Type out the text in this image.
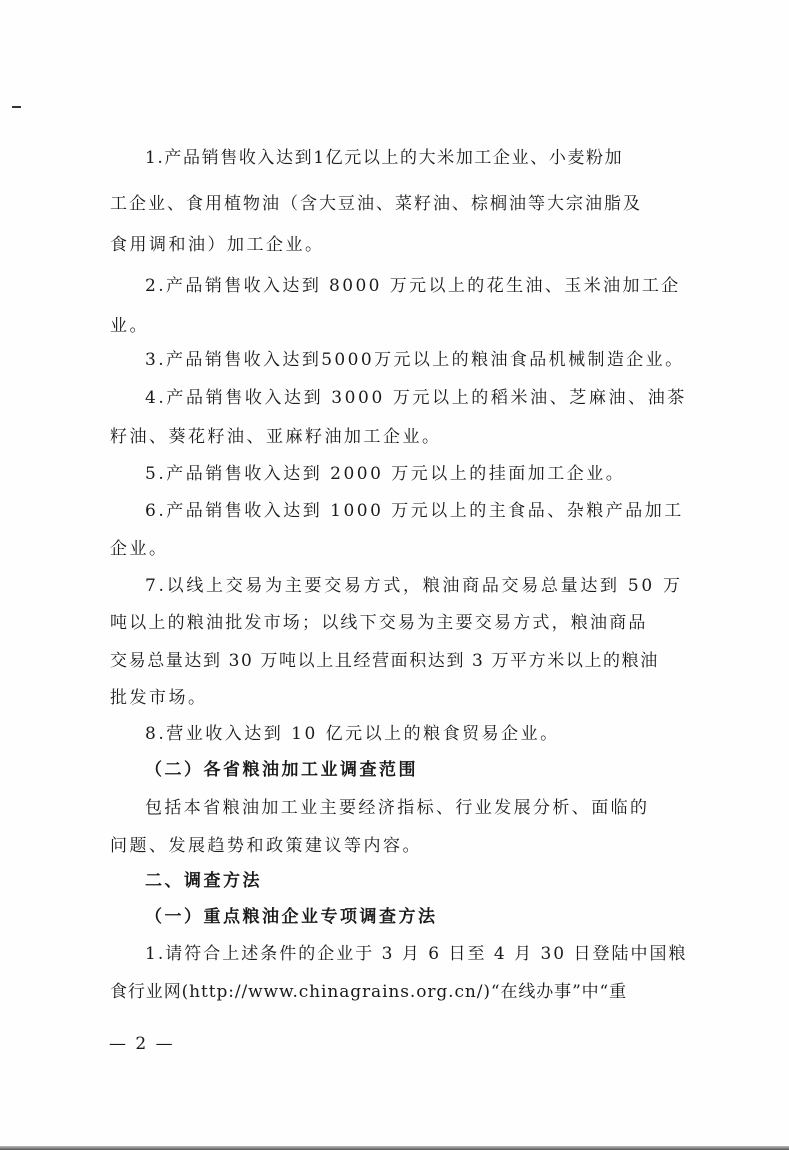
1.产品销售收入达到1亿元以上的大米加工企业、小麦粉加
工企业、食用植物油（含大豆油、菜籽油、棕榈油等大宗油脂及
食用调和油）加工企业。
2.产品销售收入达到 8000 万元以上的花生油、玉米油加工企
业。
3.产品销售收入达到5000万元以上的粮油食品机械制造企业。
4.产品销售收入达到 3000 万元以上的稻米油、芝麻油、油茶
籽油、葵花籽油、亚麻籽油加工企业。
5.产品销售收入达到 2000 万元以上的挂面加工企业。
6.产品销售收入达到 1000 万元以上的主食品、杂粮产品加工
企业。
7.以线上交易为主要交易方式，粮油商品交易总量达到 50 万
吨以上的粮油批发市场；以线下交易为主要交易方式，粮油商品
交易总量达到 30 万吨以上且经营面积达到 3 万平方米以上的粮油
批发市场。
8.营业收入达到 10 亿元以上的粮食贸易企业。
（二）各省粮油加工业调查范围
包括本省粮油加工业主要经济指标、行业发展分析、面临的
问题、发展趋势和政策建议等内容。
二、调查方法
（一）重点粮油企业专项调查方法
1.请符合上述条件的企业于 3 月 6 日至 4 月 30 日登陆中国粮
食行业网(http://www.chinagrains.org.cn/)“在线办事”中“重
— 2 —
